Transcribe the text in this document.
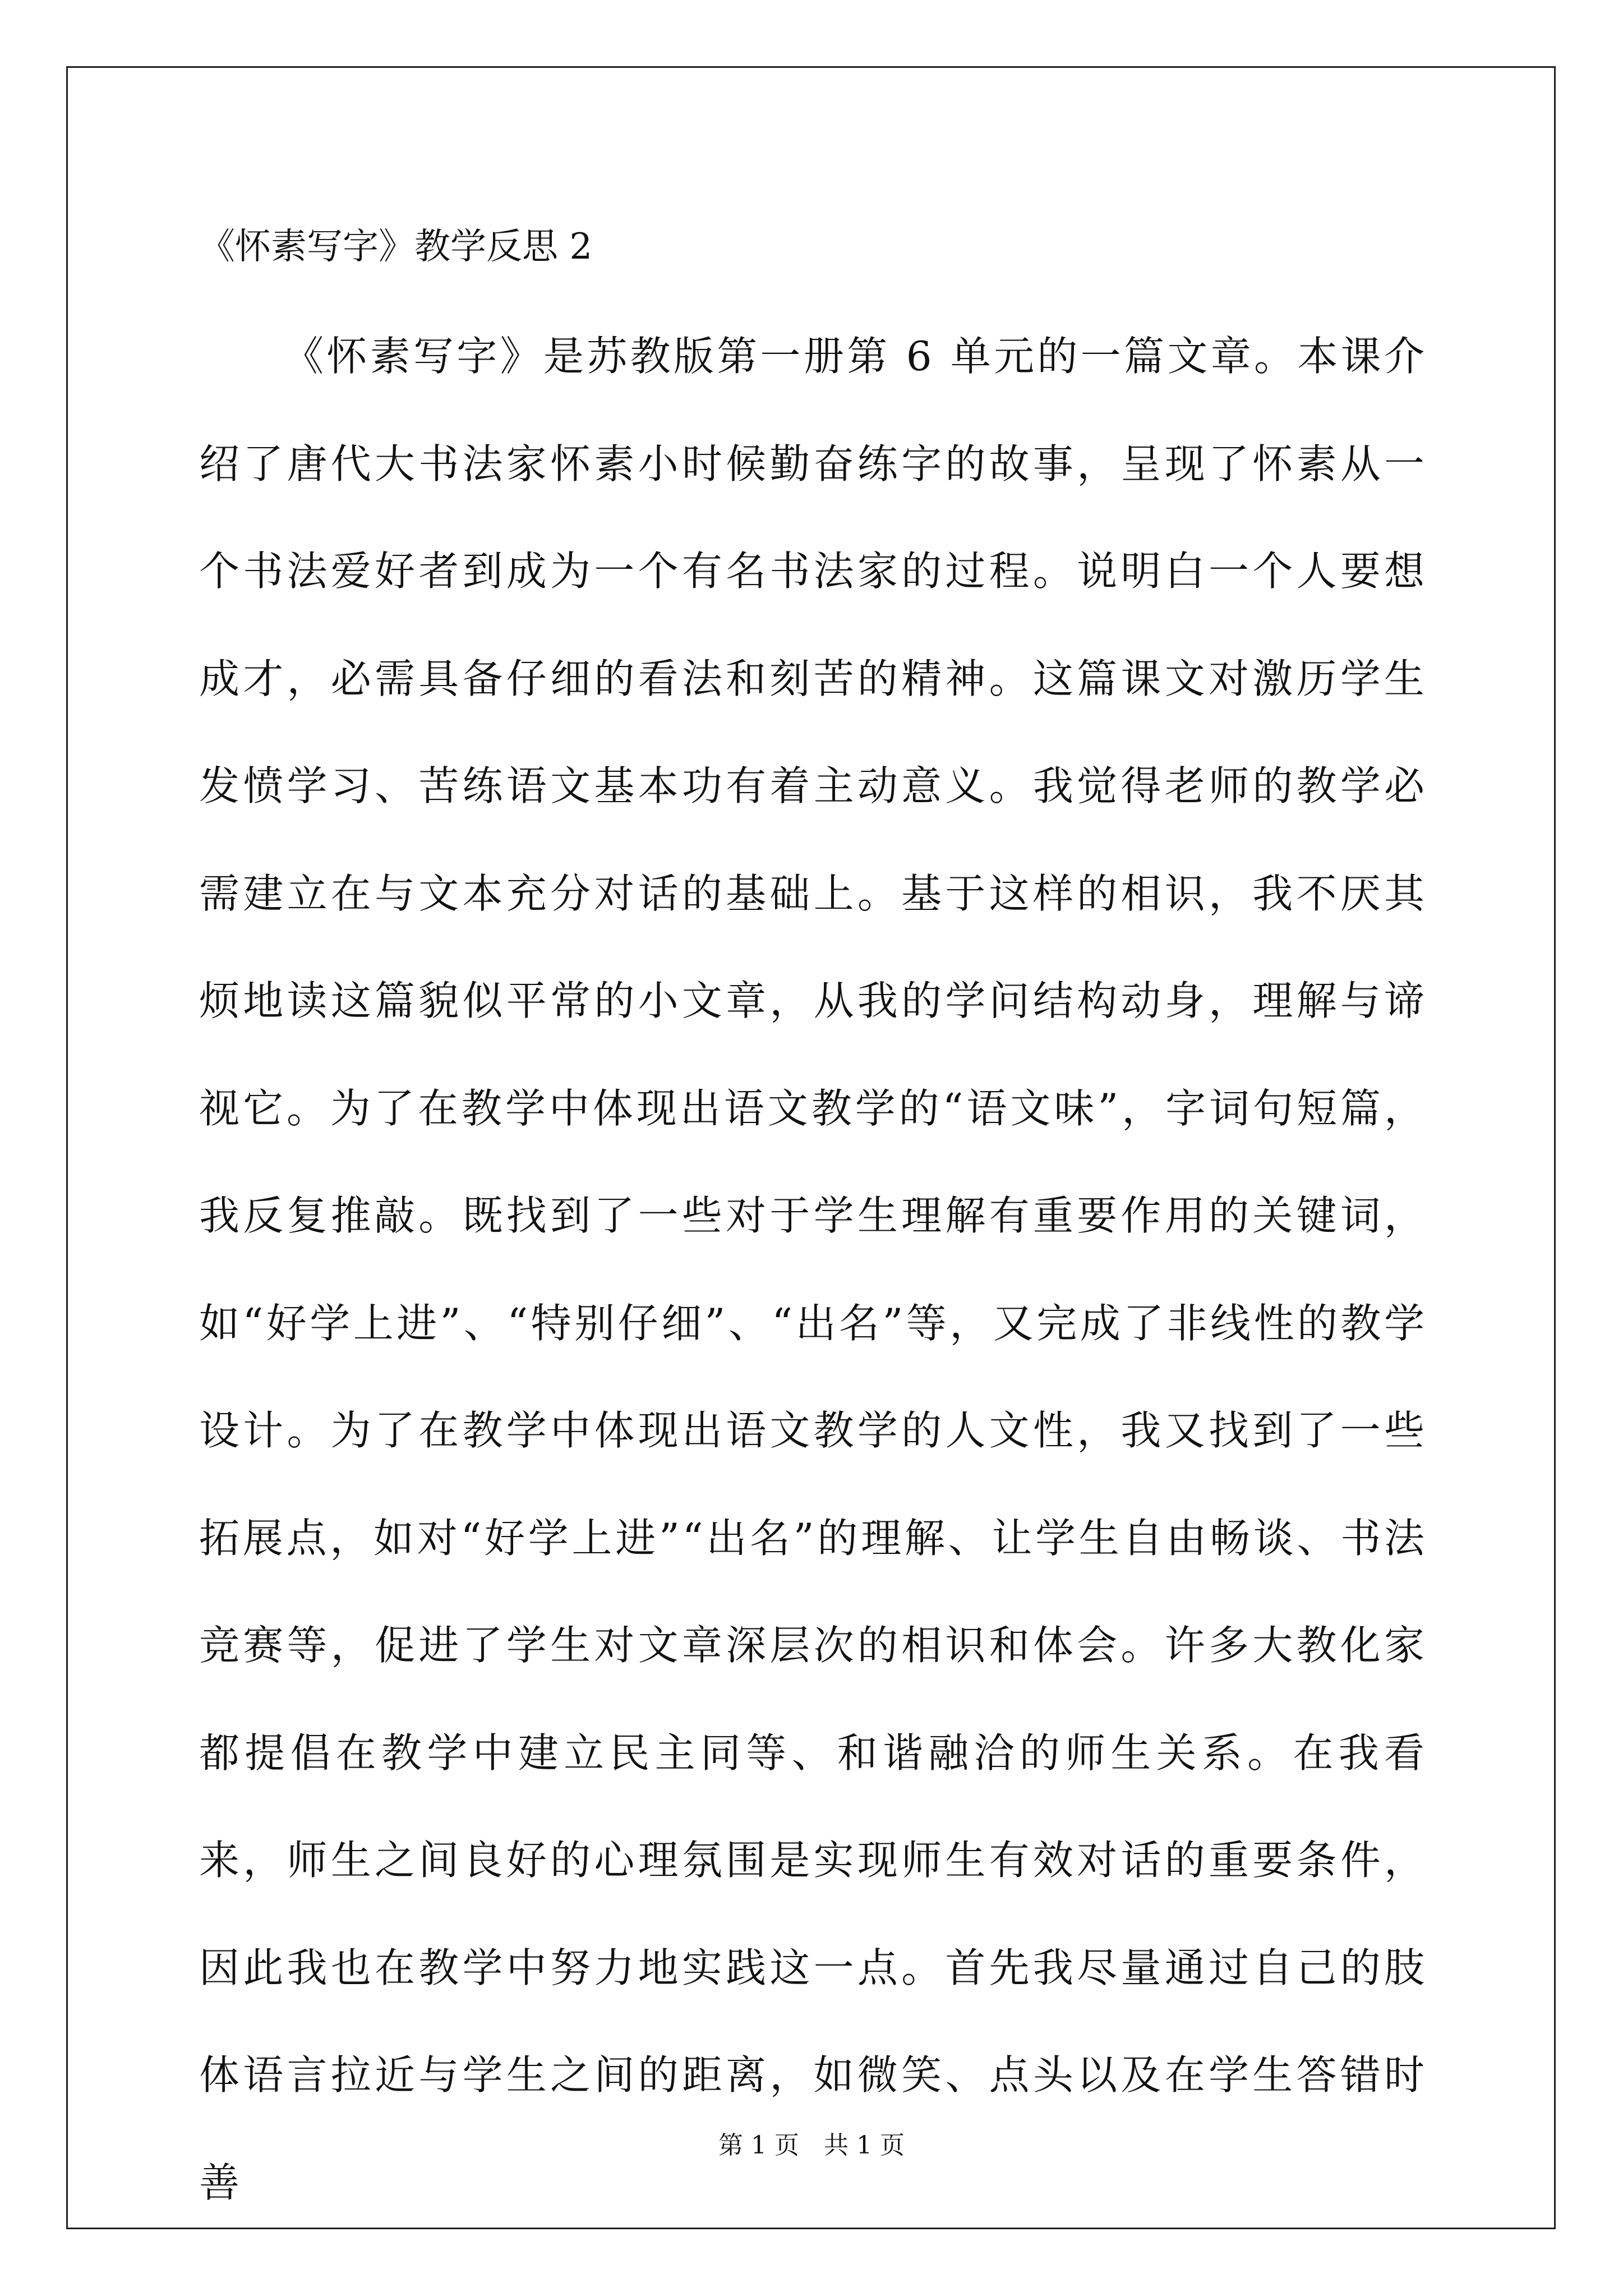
《怀素写字》教学反思 2

《怀素写字》是苏教版第一册第 6 单元的一篇文章。本课介绍了唐代大书法家怀素小时候勤奋练字的故事，呈现了怀素从一个书法爱好者到成为一个有名书法家的过程。说明白一个人要想成才，必需具备仔细的看法和刻苦的精神。这篇课文对激历学生发愤学习、苦练语文基本功有着主动意义。我觉得老师的教学必需建立在与文本充分对话的基础上。基于这样的相识，我不厌其烦地读这篇貌似平常的小文章，从我的学问结构动身，理解与谛视它。为了在教学中体现出语文教学的“语文味”，字词句短篇，我反复推敲。既找到了一些对于学生理解有重要作用的关键词，如“好学上进”、“特别仔细”、“出名”等，又完成了非线性的教学设计。为了在教学中体现出语文教学的人文性，我又找到了一些拓展点，如对“好学上进”“出名”的理解、让学生自由畅谈、书法竞赛等，促进了学生对文章深层次的相识和体会。许多大教化家都提倡在教学中建立民主同等、和谐融洽的师生关系。在我看来，师生之间良好的心理氛围是实现师生有效对话的重要条件，因此我也在教学中努力地实践这一点。首先我尽量通过自己的肢体语言拉近与学生之间的距离，如微笑、点头以及在学生答错时善

第 1 页　共 1 页
